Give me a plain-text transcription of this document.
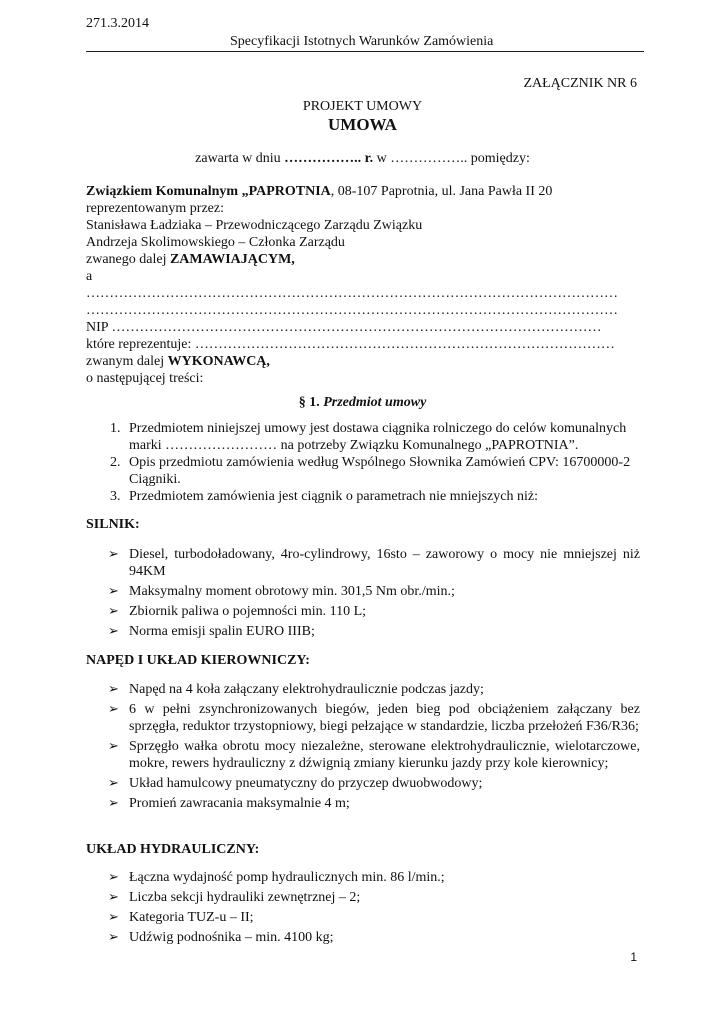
271.3.2014
Specyfikacji Istotnych Warunków Zamówienia
ZAŁĄCZNIK NR 6
PROJEKT UMOWY
UMOWA
zawarta w dniu …………….. r. w …………….. pomiędzy:
Związkiem Komunalnym „PAPROTNIA, 08-107 Paprotnia, ul. Jana Pawła II 20
reprezentowanym przez:
Stanisława Ładziaka – Przewodniczącego Zarządu Związku
Andrzeja Skolimowskiego – Członka Zarządu
zwanego dalej ZAMAWIAJĄCYM,
a
……………………………………………………………………………………………………
……………………………………………………………………………………………………
NIP ……………………………………………………………………………………………
które reprezentuje: ………………………………………………………………………………
zwanym dalej WYKONAWCĄ,
o następującej treści:
§ 1. Przedmiot umowy
1. Przedmiotem niniejszej umowy jest dostawa ciągnika rolniczego do celów komunalnych marki …………………… na potrzeby Związku Komunalnego „PAPROTNIA”.
2. Opis przedmiotu zamówienia według Wspólnego Słownika Zamówień CPV: 16700000-2 Ciągniki.
3. Przedmiotem zamówienia jest ciągnik o parametrach nie mniejszych niż:
SILNIK:
➢ Diesel, turbodoładowany, 4ro-cylindrowy, 16sto – zaworowy o mocy nie mniejszej niż 94KM
➢ Maksymalny moment obrotowy min. 301,5 Nm obr./min.;
➢ Zbiornik paliwa o pojemności min. 110 L;
➢ Norma emisji spalin EURO IIIB;
NAPĘD I UKŁAD KIEROWNICZY:
➢ Napęd na 4 koła załączany elektrohydraulicznie podczas jazdy;
➢ 6 w pełni zsynchronizowanych biegów, jeden bieg pod obciążeniem załączany bez sprzęgła, reduktor trzystopniowy, biegi pełzające w standardzie, liczba przełożeń F36/R36;
➢ Sprzęgło wałka obrotu mocy niezależne, sterowane elektrohydraulicznie, wielotarczowe, mokre, rewers hydrauliczny z dźwignią zmiany kierunku jazdy przy kole kierownicy;
➢ Układ hamulcowy pneumatyczny do przyczep dwuobwodowy;
➢ Promień zawracania maksymalnie 4 m;
UKŁAD HYDRAULICZNY:
➢ Łączna wydajność pomp hydraulicznych min. 86 l/min.;
➢ Liczba sekcji hydrauliki zewnętrznej – 2;
➢ Kategoria TUZ-u – II;
➢ Udźwig podnośnika – min. 4100 kg;
1
